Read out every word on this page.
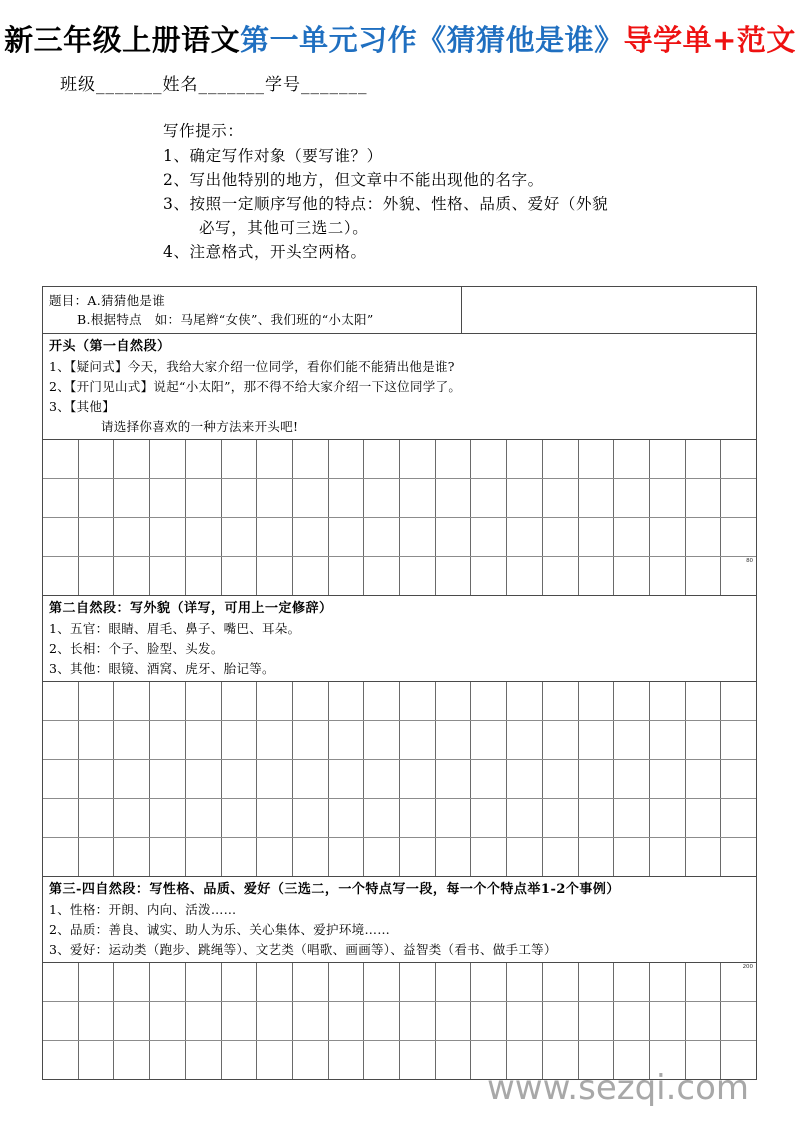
新三年级上册语文第一单元习作《猜猜他是谁》导学单+范文
班级_______姓名_______学号_______
写作提示：
1、确定写作对象（要写谁？）
2、写出他特别的地方，但文章中不能出现他的名字。
3、按照一定顺序写他的特点：外貌、性格、品质、爱好（外貌
必写，其他可三选二）。
4、注意格式，开头空两格。
题目：A.猜猜他是谁
B.根据特点　如：马尾辫“女侠”、我们班的“小太阳”
开头（第一自然段）
1、【疑问式】今天，我给大家介绍一位同学，看你们能不能猜出他是谁?
2、【开门见山式】说起“小太阳”，那不得不给大家介绍一下这位同学了。
3、【其他】
请选择你喜欢的一种方法来开头吧!
80
第二自然段：写外貌（详写，可用上一定修辞）
1、五官：眼睛、眉毛、鼻子、嘴巴、耳朵。
2、长相：个子、脸型、头发。
3、其他：眼镜、酒窝、虎牙、胎记等。
第三-四自然段：写性格、品质、爱好（三选二，一个特点写一段，每一个个特点举1-2个事例）
1、性格：开朗、内向、活泼……
2、品质：善良、诚实、助人为乐、关心集体、爱护环境……
3、爱好：运动类（跑步、跳绳等）、文艺类（唱歌、画画等）、益智类（看书、做手工等）
200
www.sezqi.com
